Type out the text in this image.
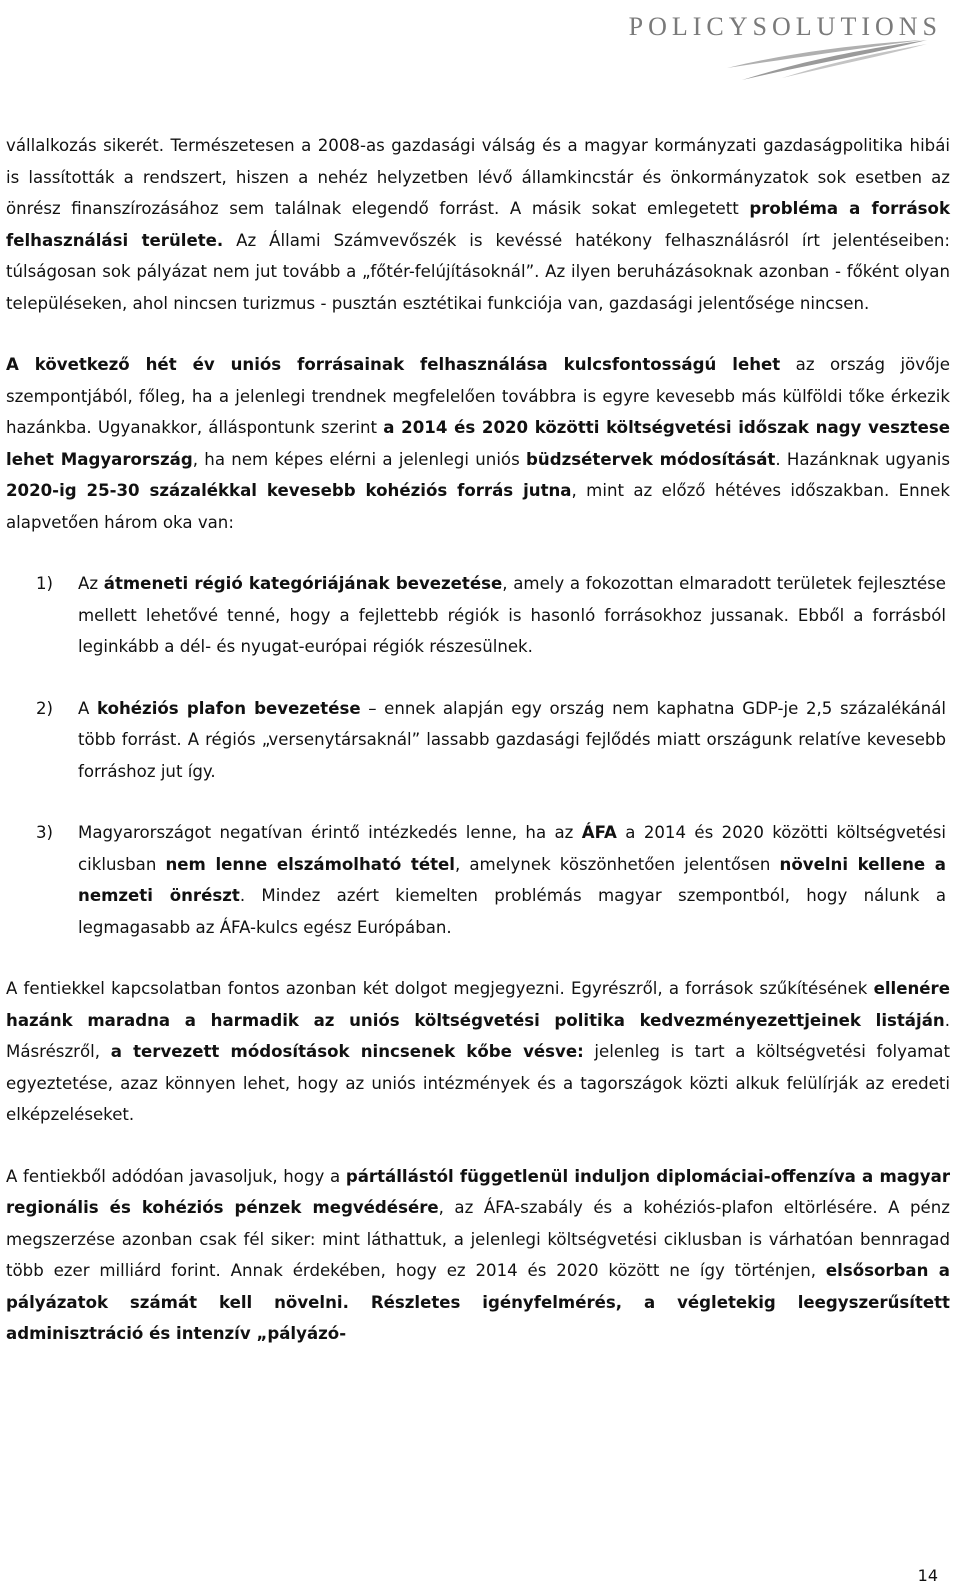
POLICYSOLUTIONS

vállalkozás sikerét. Természetesen a 2008-as gazdasági válság és a magyar kormányzati gazdaságpolitika hibái is lassították a rendszert, hiszen a nehéz helyzetben lévő államkincstár és önkormányzatok sok esetben az önrész finanszírozásához sem találnak elegendő forrást. A másik sokat emlegetett probléma a források felhasználási területe. Az Állami Számvevőszék is kevéssé hatékony felhasználásról írt jelentéseiben: túlságosan sok pályázat nem jut tovább a „főtér-felújításoknál”. Az ilyen beruházásoknak azonban - főként olyan településeken, ahol nincsen turizmus - pusztán esztétikai funkciója van, gazdasági jelentősége nincsen.

A következő hét év uniós forrásainak felhasználása kulcsfontosságú lehet az ország jövője szempontjából, főleg, ha a jelenlegi trendnek megfelelően továbbra is egyre kevesebb más külföldi tőke érkezik hazánkba. Ugyanakkor, álláspontunk szerint a 2014 és 2020 közötti költségvetési időszak nagy vesztese lehet Magyarország, ha nem képes elérni a jelenlegi uniós büdzsétervek módosítását. Hazánknak ugyanis 2020-ig 25-30 százalékkal kevesebb kohéziós forrás jutna, mint az előző hétéves időszakban. Ennek alapvetően három oka van:

1)	Az átmeneti régió kategóriájának bevezetése, amely a fokozottan elmaradott területek fejlesztése mellett lehetővé tenné, hogy a fejlettebb régiók is hasonló forrásokhoz jussanak. Ebből a forrásból leginkább a dél- és nyugat-európai régiók részesülnek.
2)	A kohéziós plafon bevezetése – ennek alapján egy ország nem kaphatna GDP-je 2,5 százalékánál több forrást. A régiós „versenytársaknál” lassabb gazdasági fejlődés miatt országunk relatíve kevesebb forráshoz jut így.
3)	Magyarországot negatívan érintő intézkedés lenne, ha az ÁFA a 2014 és 2020 közötti költségvetési ciklusban nem lenne elszámolható tétel, amelynek köszönhetően jelentősen növelni kellene a nemzeti önrészt. Mindez azért kiemelten problémás magyar szempontból, hogy nálunk a legmagasabb az ÁFA-kulcs egész Európában.

A fentiekkel kapcsolatban fontos azonban két dolgot megjegyezni. Egyrészről, a források szűkítésének ellenére hazánk maradna a harmadik az uniós költségvetési politika kedvezményezettjeinek listáján. Másrészről, a tervezett módosítások nincsenek kőbe vésve: jelenleg is tart a költségvetési folyamat egyeztetése, azaz könnyen lehet, hogy az uniós intézmények és a tagországok közti alkuk felülírják az eredeti elképzeléseket.

A fentiekből adódóan javasoljuk, hogy a pártállástól függetlenül induljon diplomáciai-offenzíva a magyar regionális és kohéziós pénzek megvédésére, az ÁFA-szabály és a kohéziós-plafon eltörlésére. A pénz megszerzése azonban csak fél siker: mint láthattuk, a jelenlegi költségvetési ciklusban is várhatóan bennragad több ezer milliárd forint. Annak érdekében, hogy ez 2014 és 2020 között ne így történjen, elsősorban a pályázatok számát kell növelni. Részletes igényfelmérés, a végletekig leegyszerűsített adminisztráció és intenzív „pályázó-

14
